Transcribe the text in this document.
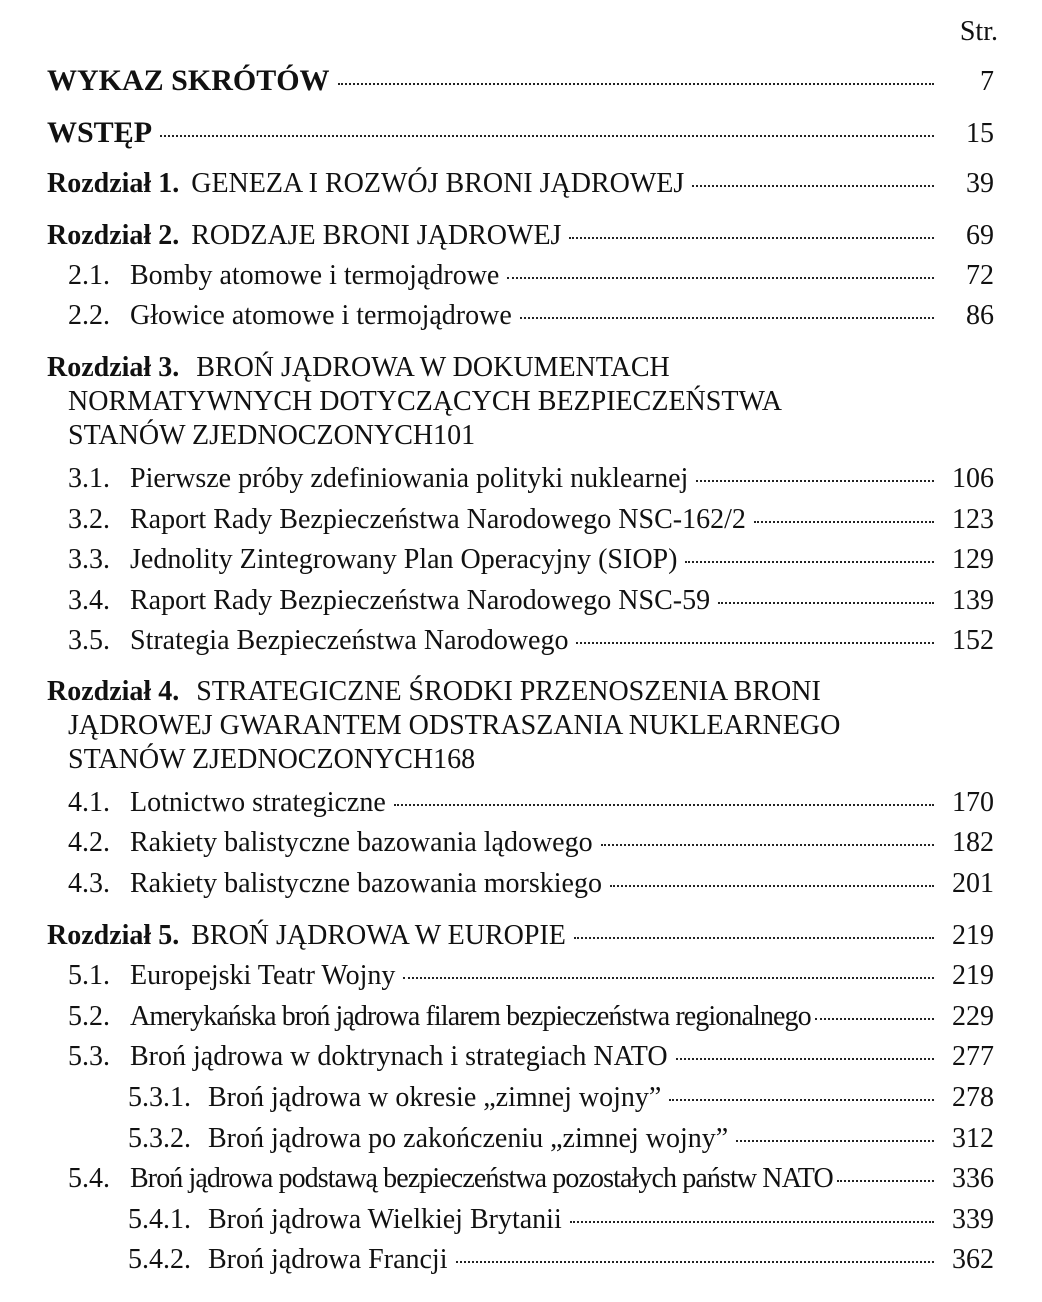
Str.
WYKAZ SKRÓTÓW	7
WSTĘP	15
Rozdział 1. GENEZA I ROZWÓJ BRONI JĄDROWEJ	39
Rozdział 2. RODZAJE BRONI JĄDROWEJ	69
2.1. Bomby atomowe i termojądrowe	72
2.2. Głowice atomowe i termojądrowe	86
Rozdział 3. BROŃ JĄDROWA W DOKUMENTACH
NORMATYWNYCH DOTYCZĄCYCH BEZPIECZEŃSTWA
STANÓW ZJEDNOCZONYCH 101
3.1. Pierwsze próby zdefiniowania polityki nuklearnej	106
3.2. Raport Rady Bezpieczeństwa Narodowego NSC-162/2	123
3.3. Jednolity Zintegrowany Plan Operacyjny (SIOP)	129
3.4. Raport Rady Bezpieczeństwa Narodowego NSC-59	139
3.5. Strategia Bezpieczeństwa Narodowego	152
Rozdział 4. STRATEGICZNE ŚRODKI PRZENOSZENIA BRONI
JĄDROWEJ GWARANTEM ODSTRASZANIA NUKLEARNEGO
STANÓW ZJEDNOCZONYCH 168
4.1. Lotnictwo strategiczne	170
4.2. Rakiety balistyczne bazowania lądowego	182
4.3. Rakiety balistyczne bazowania morskiego	201
Rozdział 5. BROŃ JĄDROWA W EUROPIE	219
5.1. Europejski Teatr Wojny	219
5.2. Amerykańska broń jądrowa filarem bezpieczeństwa regionalnego	229
5.3. Broń jądrowa w doktrynach i strategiach NATO	277
5.3.1. Broń jądrowa w okresie „zimnej wojny”	278
5.3.2. Broń jądrowa po zakończeniu „zimnej wojny”	312
5.4. Broń jądrowa podstawą bezpieczeństwa pozostałych państw NATO	336
5.4.1. Broń jądrowa Wielkiej Brytanii	339
5.4.2. Broń jądrowa Francji	362
